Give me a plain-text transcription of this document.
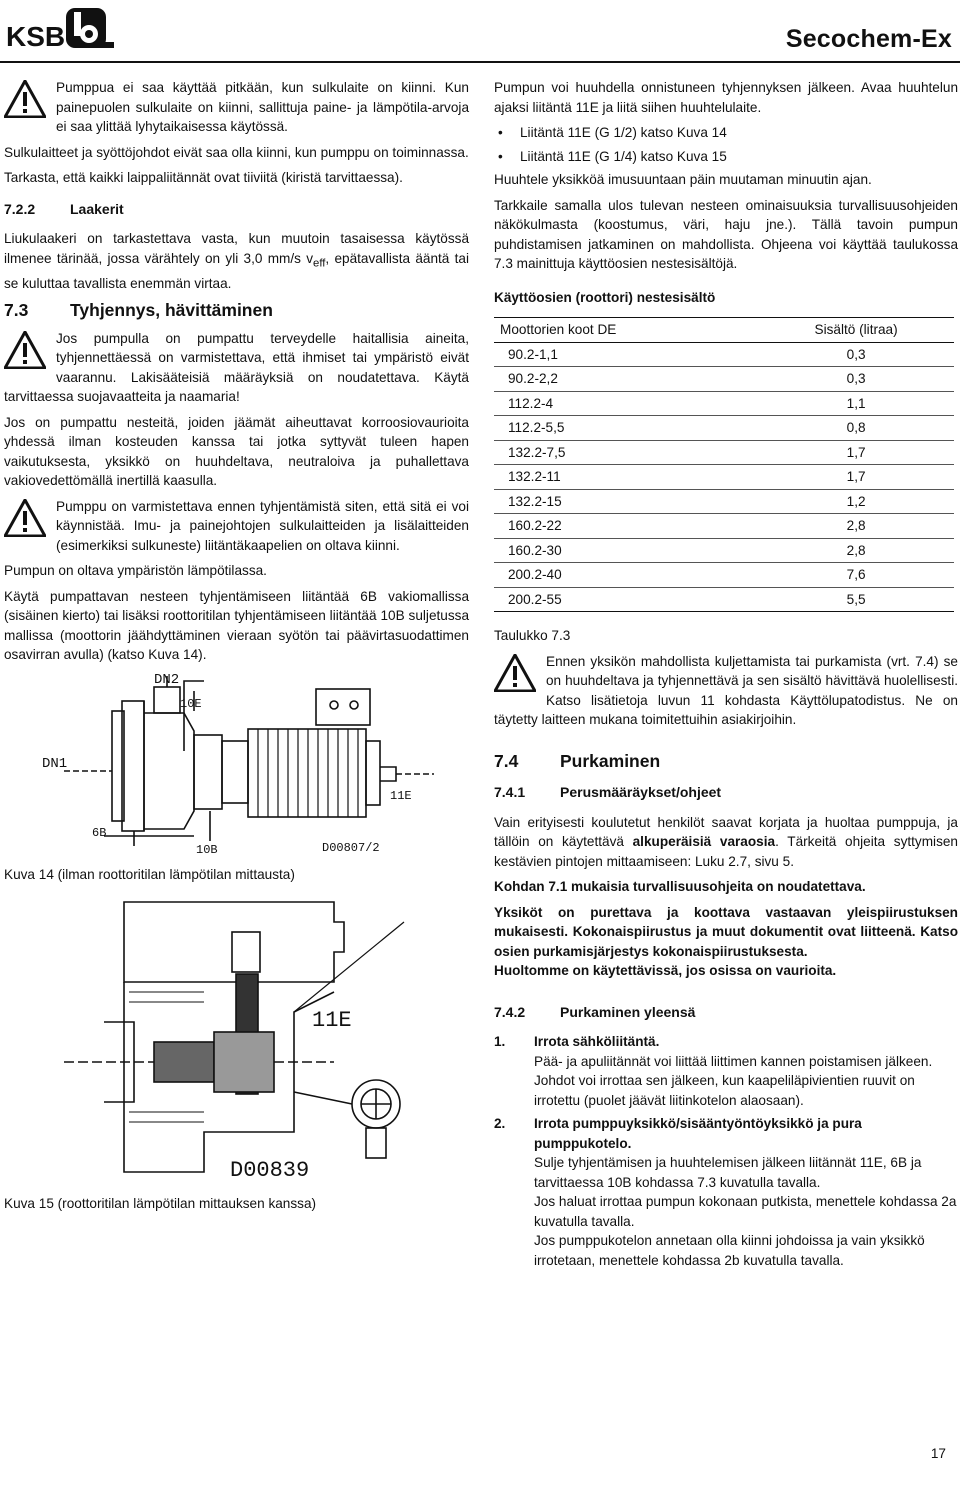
KSB	Secochem-Ex

Pumppua ei saa käyttää pitkään, kun sulkulaite on kiinni. Kun painepuolen sulkulaite on kiinni, sallittuja paine- ja lämpötila-arvoja ei saa ylittää lyhytaikaisessa käytössä.

Sulkulaitteet ja syöttöjohdot eivät saa olla kiinni, kun pumppu on toiminnassa.

Tarkasta, että kaikki laippaliitännät ovat tiiviitä (kiristä tarvittaessa).

7.2.2 Laakerit

Liukulaakeri on tarkastettava vasta, kun muutoin tasaisessa käytössä ilmenee tärinää, jossa värähtely on yli 3,0 mm/s $v_{eff}$, epätavallista ääntä tai se kuluttaa tavallista enemmän virtaa.

7.3 Tyhjennys, hävittäminen

Jos pumpulla on pumpattu terveydelle haitallisia aineita, tyhjennettäessä on varmistettava, että ihmiset tai ympäristö eivät vaarannu. Lakisääteisiä määräyksiä on noudatettava. Käytä tarvittaessa suojavaatteita ja naamaria!

Jos on pumpattu nesteitä, joiden jäämät aiheuttavat korroosiovaurioita yhdessä ilman kosteuden kanssa tai jotka syttyvät tuleen hapen vaikutuksesta, yksikkö on huuhdeltava, neutraloiva ja puhallettava vakiovedettömällä inertillä kaasulla.

Pumppu on varmistettava ennen tyhjentämistä siten, että sitä ei voi käynnistää. Imu- ja painejohtojen sulkulaitteiden ja lisälaitteiden (esimerkiksi sulkuneste) liitäntäkaapelien on oltava kiinni.

Pumpun on oltava ympäristön lämpötilassa.

Käytä pumpattavan nesteen tyhjentämiseen liitäntää 6B vakiomallissa (sisäinen kierto) tai lisäksi roottoritilan tyhjentämiseen liitäntää 10B suljetussa mallissa (moottorin jäähdyttäminen vieraan syötön tai päävirtasuodattimen osavirran avulla) (katso Kuva 14).

DN2
10E
DN1
11E
6B
10B	D00807/2

Kuva 14 (ilman roottoritilan lämpötilan mittausta)

11E
D00839

Kuva 15 (roottoritilan lämpötilan mittauksen kanssa)

Pumpun voi huuhdella onnistuneen tyhjennyksen jälkeen. Avaa huuhtelun ajaksi liitäntä 11E ja liitä siihen huuhtelulaite.

• Liitäntä 11E (G 1/2) katso Kuva 14
• Liitäntä 11E (G 1/4) katso Kuva 15

Huuhtele yksikköä imusuuntaan päin muutaman minuutin ajan.

Tarkkaile samalla ulos tulevan nesteen ominaisuuksia turvallisuusohjeiden näkökulmasta (koostumus, väri, haju jne.). Tällä tavoin pumpun puhdistamisen jatkaminen on mahdollista. Ohjeena voi käyttää taulukossa 7.3 mainittuja käyttöosien nestesisältöjä.

Käyttöosien (roottori) nestesisältö

Moottorien koot DE	Sisältö (litraa)
90.2-1,1	0,3
90.2-2,2	0,3
112.2-4	1,1
112.2-5,5	0,8
132.2-7,5	1,7
132.2-11	1,7
132.2-15	1,2
160.2-22	2,8
160.2-30	2,8
200.2-40	7,6
200.2-55	5,5

Taulukko 7.3

Ennen yksikön mahdollista kuljettamista tai purkamista (vrt. 7.4) se on huuhdeltava ja tyhjennettävä ja sen sisältö hävittävä huolellisesti. Katso lisätietoja luvun 11 kohdasta Käyttölupatodistus. Ne on täytetty laitteen mukana toimitettuihin asiakirjoihin.

7.4 Purkaminen
7.4.1 Perusmääräykset/ohjeet

Vain erityisesti koulutetut henkilöt saavat korjata ja huoltaa pumppuja, ja tällöin on käytettävä alkuperäisiä varaosia. Tärkeitä ohjeita syttymisen kestävien pintojen mittaamiseen: Luku 2.7, sivu 5.

Kohdan 7.1 mukaisia turvallisuusohjeita on noudatettava.

Yksiköt on purettava ja koottava vastaavan yleispiirustuksen mukaisesti. Kokonaispiirustus ja muut dokumentit ovat liitteenä. Katso osien purkamisjärjestys kokonaispiirustuksesta.

Huoltomme on käytettävissä, jos osissa on vaurioita.

7.4.2 Purkaminen yleensä
1. Irrota sähköliitäntä.
Pää- ja apuliitännät voi liittää liittimen kannen poistamisen jälkeen.
Johdot voi irrottaa sen jälkeen, kun kaapeliläpivientien ruuvit on irrotettu (puolet jäävät liitinkotelon alaosaan).
2. Irrota pumppuyksikkö/sisääntyöntöyksikkö ja pura pumppukotelo.
Sulje tyhjentämisen ja huuhtelemisen jälkeen liitännät 11E, 6B ja tarvittaessa 10B kohdassa 7.3 kuvatulla tavalla.
Jos haluat irrottaa pumpun kokonaan putkista, menettele kohdassa 2a kuvatulla tavalla.
Jos pumppukotelon annetaan olla kiinni johdoissa ja vain yksikkö irrotetaan, menettele kohdassa 2b kuvatulla tavalla.
17
